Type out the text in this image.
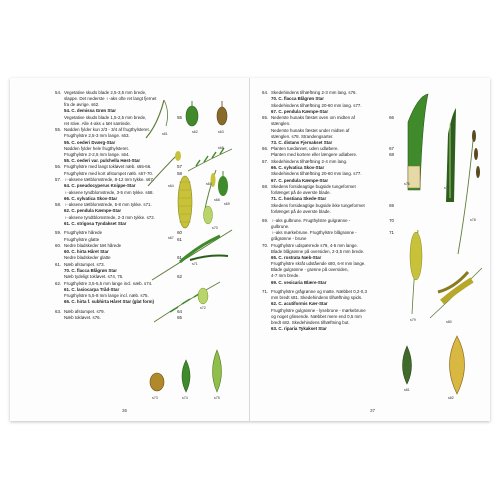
54. Vegetative skuds blade 2,5-3,5 mm brede,
slappe. Det nederste ♀-aks ofte ret langt fjernet
fra de øvrige. s62.
54. C. demissa Grøn Star
Vegetative skuds blade 1,5-2,5 mm brede,
ret stive. Alle 4-aks ± tæt samlede.
55
55. Nødden fylder kun 2/3 - 3/4 af frugthylsteret.
Frugthylstre 2,5-3 mm lange. s63.
55. C. oederi Dværg-Star
Nødden fylder hele frugthylsteret.
Frugthylstre 2-2,5 mm lange. s64.
55. C. oederi var. pulchella Høst-Star
56. Frugthylstre med langt tokløvet næb. s65-66.	57
Frugthylstre med kort afstumpet næb. s67-70.	58
57. ♀-aksene tætblomstrede, 8-12 mm tykke. s67.
64. C. pseudocyperus Knippe-Star
♀-aksene tyndblomstrede, 3-5 mm tykke. s68.
66. C. sylvatica Skov-Star
58. ♀-aksene tætblomstrede, 5-8 mm tykke. s71.
62. C. pendula Kæmpe-Star
♀-aksene tyndtblomstrede, 2-3 mm tykke. s72.
61. C. strigosa Tyndakset Star
59. Frugthylstre hårede	60
Frugthylstre glatte	61
60. Nedre bladskeder tæt hårede
60. C. hirta Håret Star
Nedre bladskeder glatte	61
61. Næb afstumpet. s73.
70. C. flacca Blågrøn Star
Næb tydeligt tokløvet. s74, 75.	62
62. Frugthylstre 3,5-5,5 mm lange incl. næb. s74.
61. C. lasiocarpa Tråd-Star
Frugthylstre 5,5-8 mm lange incl. næb. s75.
65. C. hirta f. subhirta Håret Star (glat form)
63. Næb afstumpet. s79.	64
Næb tokløvet. s76.	65
64. Skedehindens tilhæftning 2-3 mm lang. s76.
70. C. flacca Blågrøn Star
Skedehindens tilhæftning 20-60 mm lang. s77.
67. C. pendula Kæmpe-Star
65. Nederste hunaks fæstet oven om midten af
stænglen.
66
Nederste hunaks fæstet under midten af
stænglen. s78. Strandengsarter.
73. C. distans Fjernakset Star
66. Planten tuedannet, uden udløbere.	67
Planten med kortere eller længere udløbere.	68
67. Skedehindens tilhæftning 2-4 mm lang.
66. C. sylvatica Skov-Star
Skedehindens tilhæftning 20-60 mm lang. s77.
67. C. pendula Kæmpe-Star
68. Skedens forsideagtige bugside tungeformet
forlænget på de øverste blade.
71. C. hostiana Skede-Star
Skedens forsideagtige bugside ikke tungeformet
forlænget på de øverste blade.
69
69. ♀-aks gulbrune. Frugthylstre gulgrønne -
gulbrune.
70
♀-aks mørkebrune. Frugthylstre blågrønne -
grågrønne - brune
71
70. Frugthylstre udspærrede s79, 4-5 mm lange.
Blade blågrønne på oversiden, 2-3,5 mm brede.
65. C. rostrata Næb-Star
Frugthylstre skråt udstående s80, 6-8 mm lange.
Blade gulgrønne - grønne på oversiden,
4-7 mm brede.
69. C. vesicaria Blære-Star
71. Frugthylstre grågrønne og matte. Næbbet 0,2-0,3
mm bredt s81. Skedehindens tilhæftning spids.
62. C. acutiformis Kær-Star
Frugthylstre gulgrønne - lysebrune - mørkebrune
og noget glinsende. Næbbet mere end 0,5 mm
bredt s82. Skedehindens tilhæftning but.
63. C. riparia Tykakset Star
36	37
s61	s62	s63
s64	s65
s66
s67
s68
s69
s70
s71
s72
s73	s74	s75
s76
s77
s78
s79	s80
s81
s82
